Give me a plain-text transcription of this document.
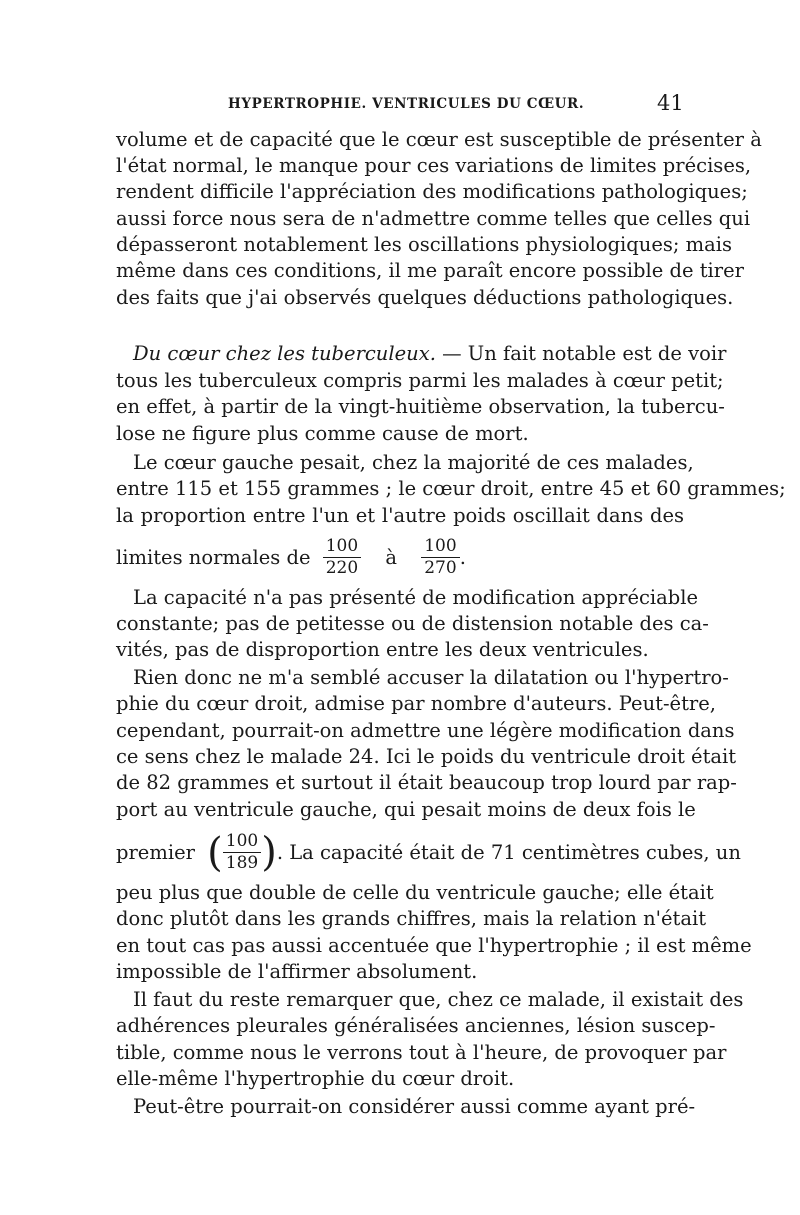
HYPERTROPHIE. VENTRICULES DU CŒUR.	41
volume et de capacité que le cœur est susceptible de présenter à
l'état normal, le manque pour ces variations de limites précises,
rendent difficile l'appréciation des modifications pathologiques;
aussi force nous sera de n'admettre comme telles que celles qui
dépasseront notablement les oscillations physiologiques; mais
même dans ces conditions, il me paraît encore possible de tirer
des faits que j'ai observés quelques déductions pathologiques.
Du cœur chez les tuberculeux. — Un fait notable est de voir
tous les tuberculeux compris parmi les malades à cœur petit;
en effet, à partir de la vingt-huitième observation, la tubercu-
lose ne figure plus comme cause de mort.
Le cœur gauche pesait, chez la majorité de ces malades,
entre 115 et 155 grammes ; le cœur droit, entre 45 et 60 grammes;
la proportion entre l'un et l'autre poids oscillait dans des
limites normales de $\frac{100}{220}$ à $\frac{100}{270}$ .
La capacité n'a pas présenté de modification appréciable
constante; pas de petitesse ou de distension notable des ca-
vités, pas de disproportion entre les deux ventricules.
Rien donc ne m'a semblé accuser la dilatation ou l'hypertro-
phie du cœur droit, admise par nombre d'auteurs. Peut-être,
cependant, pourrait-on admettre une légère modification dans
ce sens chez le malade 24. Ici le poids du ventricule droit était
de 82 grammes et surtout il était beaucoup trop lourd par rap-
port au ventricule gauche, qui pesait moins de deux fois le
premier ( $\frac{100}{189}$ ). La capacité était de 71 centimètres cubes, un
peu plus que double de celle du ventricule gauche; elle était
donc plutôt dans les grands chiffres, mais la relation n'était
en tout cas pas aussi accentuée que l'hypertrophie ; il est même
impossible de l'affirmer absolument.
Il faut du reste remarquer que, chez ce malade, il existait des
adhérences pleurales généralisées anciennes, lésion suscep-
tible, comme nous le verrons tout à l'heure, de provoquer par
elle-même l'hypertrophie du cœur droit.
Peut-être pourrait-on considérer aussi comme ayant pré-
